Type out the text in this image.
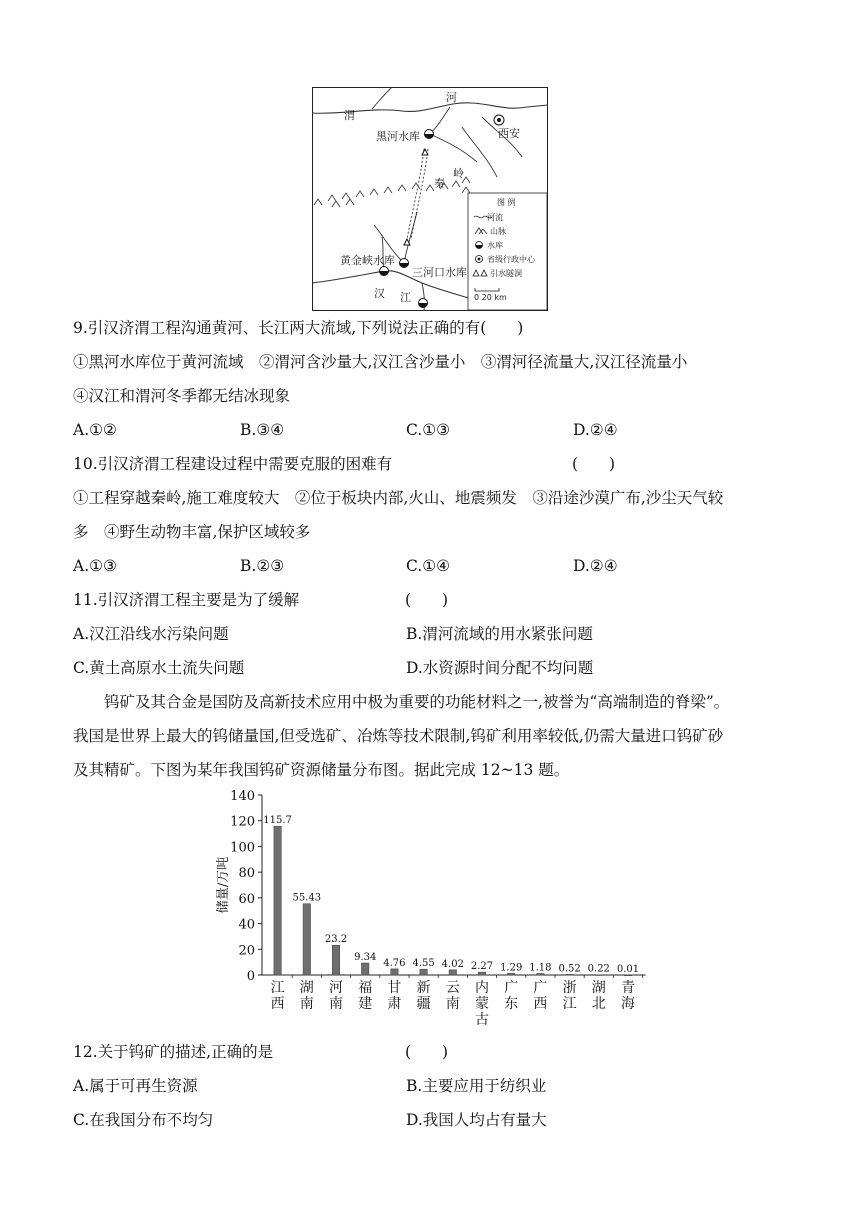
渭
河
西安
黑河水库
秦
岭
黄金峡水库
三河口水库
汉 江
图 例
河流
山脉
水库
省级行政中心
引水隧洞
0 20 km
9.引汉济渭工程沟通黄河、长江两大流域,下列说法正确的有(　　)
①黑河水库位于黄河流域　②渭河含沙量大,汉江含沙量小　③渭河径流量大,汉江径流量小
④汉江和渭河冬季都无结冰现象
A.①②	B.③④	C.①③	D.②④
10.引汉济渭工程建设过程中需要克服的困难有	(　　)
①工程穿越秦岭,施工难度较大　②位于板块内部,火山、地震频发　③沿途沙漠广布,沙尘天气较
多　④野生动物丰富,保护区域较多
A.①③	B.②③	C.①④	D.②④
11.引汉济渭工程主要是为了缓解	(　　)
A.汉江沿线水污染问题	B.渭河流域的用水紧张问题
C.黄土高原水土流失问题	D.水资源时间分配不均问题
钨矿及其合金是国防及高新技术应用中极为重要的功能材料之一,被誉为“高端制造的脊梁”。
我国是世界上最大的钨储量国,但受选矿、冶炼等技术限制,钨矿利用率较低,仍需大量进口钨矿砂
及其精矿。下图为某年我国钨矿资源储量分布图。据此完成 12~13 题。
0
20
40
60
80
100
120
140
储量/万吨
115.7
江
西
55.43
湖
南
23.2
河
南
9.34
福
建
4.76
甘
肃
4.55
新
疆
4.02
云
南
2.27
内
蒙
古
1.29
广
东
1.18
广
西
0.52
浙
江
0.22
湖
北
0.01
青
海
12.关于钨矿的描述,正确的是	(　　)
A.属于可再生资源	B.主要应用于纺织业
C.在我国分布不均匀	D.我国人均占有量大
